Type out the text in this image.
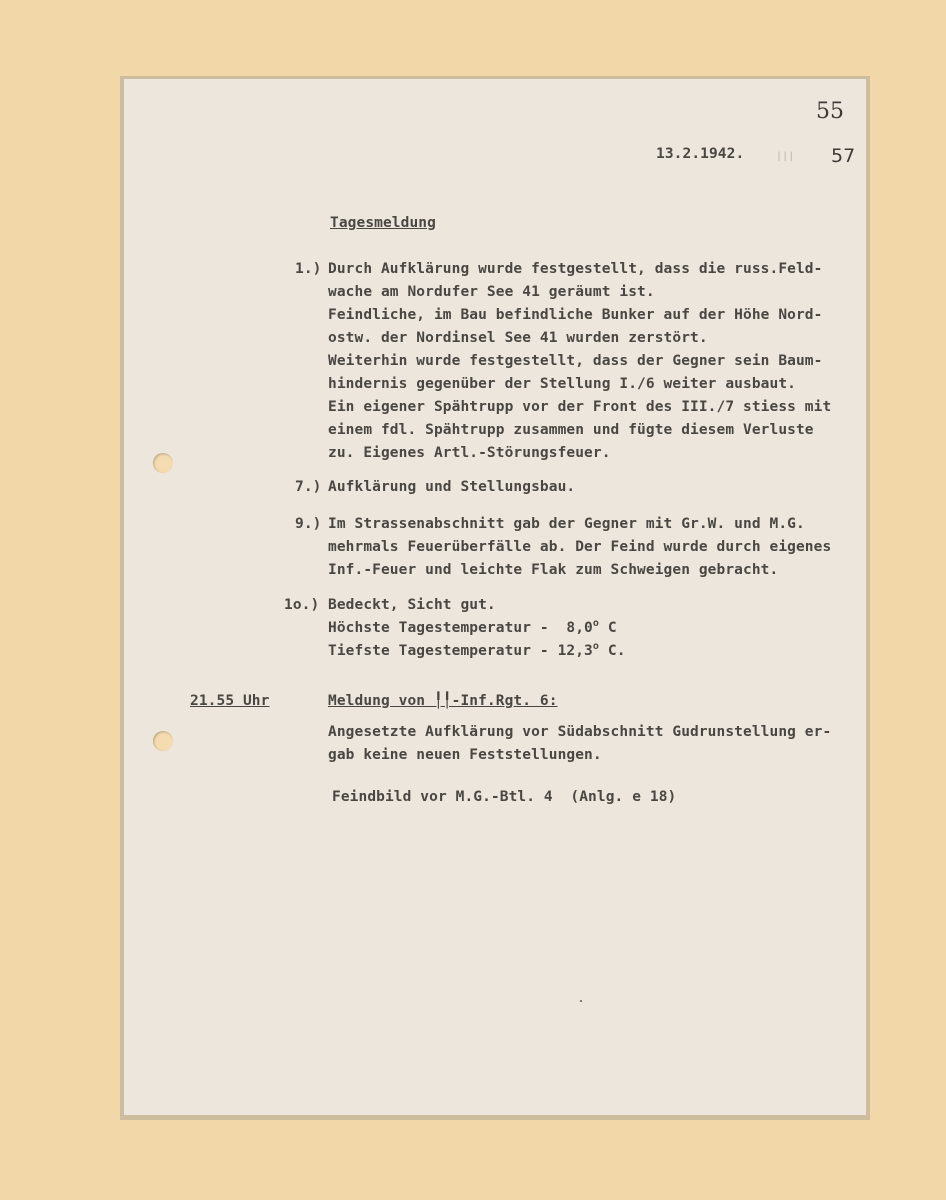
55
57
13.2.1942.	|||
Tagesmeldung
1.) Durch Aufklärung wurde festgestellt, dass die russ.Feld-
wache am Nordufer See 41 geräumt ist.
Feindliche, im Bau befindliche Bunker auf der Höhe Nord-
ostw. der Nordinsel See 41 wurden zerstört.
Weiterhin wurde festgestellt, dass der Gegner sein Baum-
hindernis gegenüber der Stellung I./6 weiter ausbaut.
Ein eigener Spähtrupp vor der Front des III./7 stiess mit
einem fdl. Spähtrupp zusammen und fügte diesem Verluste
zu. Eigenes Artl.-Störungsfeuer.
7.) Aufklärung und Stellungsbau.
9.) Im Strassenabschnitt gab der Gegner mit Gr.W. und M.G.
mehrmals Feuerüberfälle ab. Der Feind wurde durch eigenes
Inf.-Feuer und leichte Flak zum Schweigen gebracht.
1o.) Bedeckt, Sicht gut.
Höchste Tagestemperatur -  8,0$^o$ C
Tiefste Tagestemperatur - 12,3$^o$ C.
21.55 Uhr	Meldung von ╿╿-Inf.Rgt. 6:
Angesetzte Aufklärung vor Südabschnitt Gudrunstellung er-
gab keine neuen Feststellungen.
Feindbild vor M.G.-Btl. 4  (Anlg. e 18)
